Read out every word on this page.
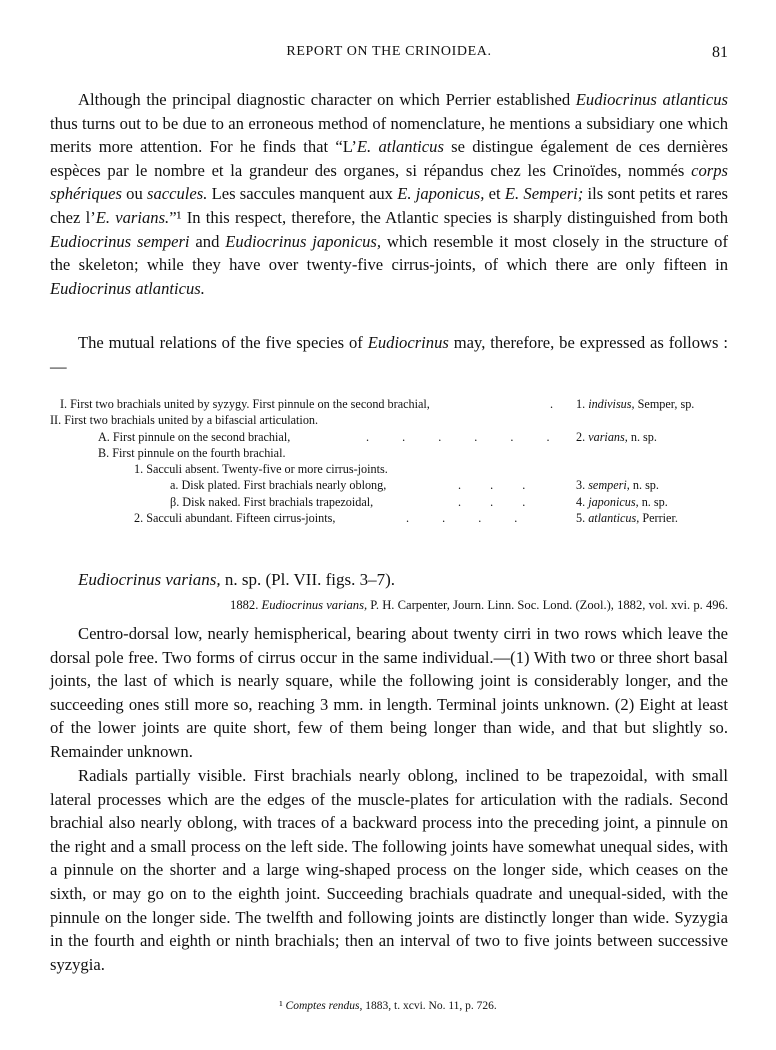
REPORT ON THE CRINOIDEA.	81

Although the principal diagnostic character on which Perrier established Eudiocrinus atlanticus thus turns out to be due to an erroneous method of nomenclature, he mentions a subsidiary one which merits more attention. For he finds that “L’E. atlanticus se distingue également de ces dernières espèces par le nombre et la grandeur des organes, si répandus chez les Crinoïdes, nommés corps sphériques ou saccules. Les saccules manquent aux E. japonicus, et E. Semperi; ils sont petits et rares chez l’E. varians.”¹ In this respect, therefore, the Atlantic species is sharply distinguished from both Eudiocrinus semperi and Eudiocrinus japonicus, which resemble it most closely in the structure of the skeleton; while they have over twenty-five cirrus-joints, of which there are only fifteen in Eudiocrinus atlanticus.

The mutual relations of the five species of Eudiocrinus may, therefore, be expressed as follows :—

I. First two brachials united by syzygy. First pinnule on the second brachial,	. 1. indivisus, Semper, sp.
II. First two brachials united by a bifascial articulation.
A. First pinnule on the second brachial,	. . . . . . 2. varians, n. sp.
B. First pinnule on the fourth brachial.
1. Sacculi absent. Twenty-five or more cirrus-joints.
a. Disk plated. First brachials nearly oblong,	. . .	3. semperi, n. sp.
β. Disk naked. First brachials trapezoidal,	. . .	4. japonicus, n. sp.
2. Sacculi abundant. Fifteen cirrus-joints,	. . . .	5. atlanticus, Perrier.
Eudiocrinus varians, n. sp. (Pl. VII. figs. 3–7).
1882. Eudiocrinus varians, P. H. Carpenter, Journ. Linn. Soc. Lond. (Zool.), 1882, vol. xvi. p. 496.

Centro-dorsal low, nearly hemispherical, bearing about twenty cirri in two rows which leave the dorsal pole free. Two forms of cirrus occur in the same individual.—(1) With two or three short basal joints, the last of which is nearly square, while the following joint is considerably longer, and the succeeding ones still more so, reaching 3 mm. in length. Terminal joints unknown. (2) Eight at least of the lower joints are quite short, few of them being longer than wide, and that but slightly so. Remainder unknown.

Radials partially visible. First brachials nearly oblong, inclined to be trapezoidal, with small lateral processes which are the edges of the muscle-plates for articulation with the radials. Second brachial also nearly oblong, with traces of a backward process into the preceding joint, a pinnule on the right and a small process on the left side. The following joints have somewhat unequal sides, with a pinnule on the shorter and a large wing-shaped process on the longer side, which ceases on the sixth, or may go on to the eighth joint. Succeeding brachials quadrate and unequal-sided, with the pinnule on the longer side. The twelfth and following joints are distinctly longer than wide. Syzygia in the fourth and eighth or ninth brachials; then an interval of two to five joints between successive syzygia.

¹ Comptes rendus, 1883, t. xcvi. No. 11, p. 726.
